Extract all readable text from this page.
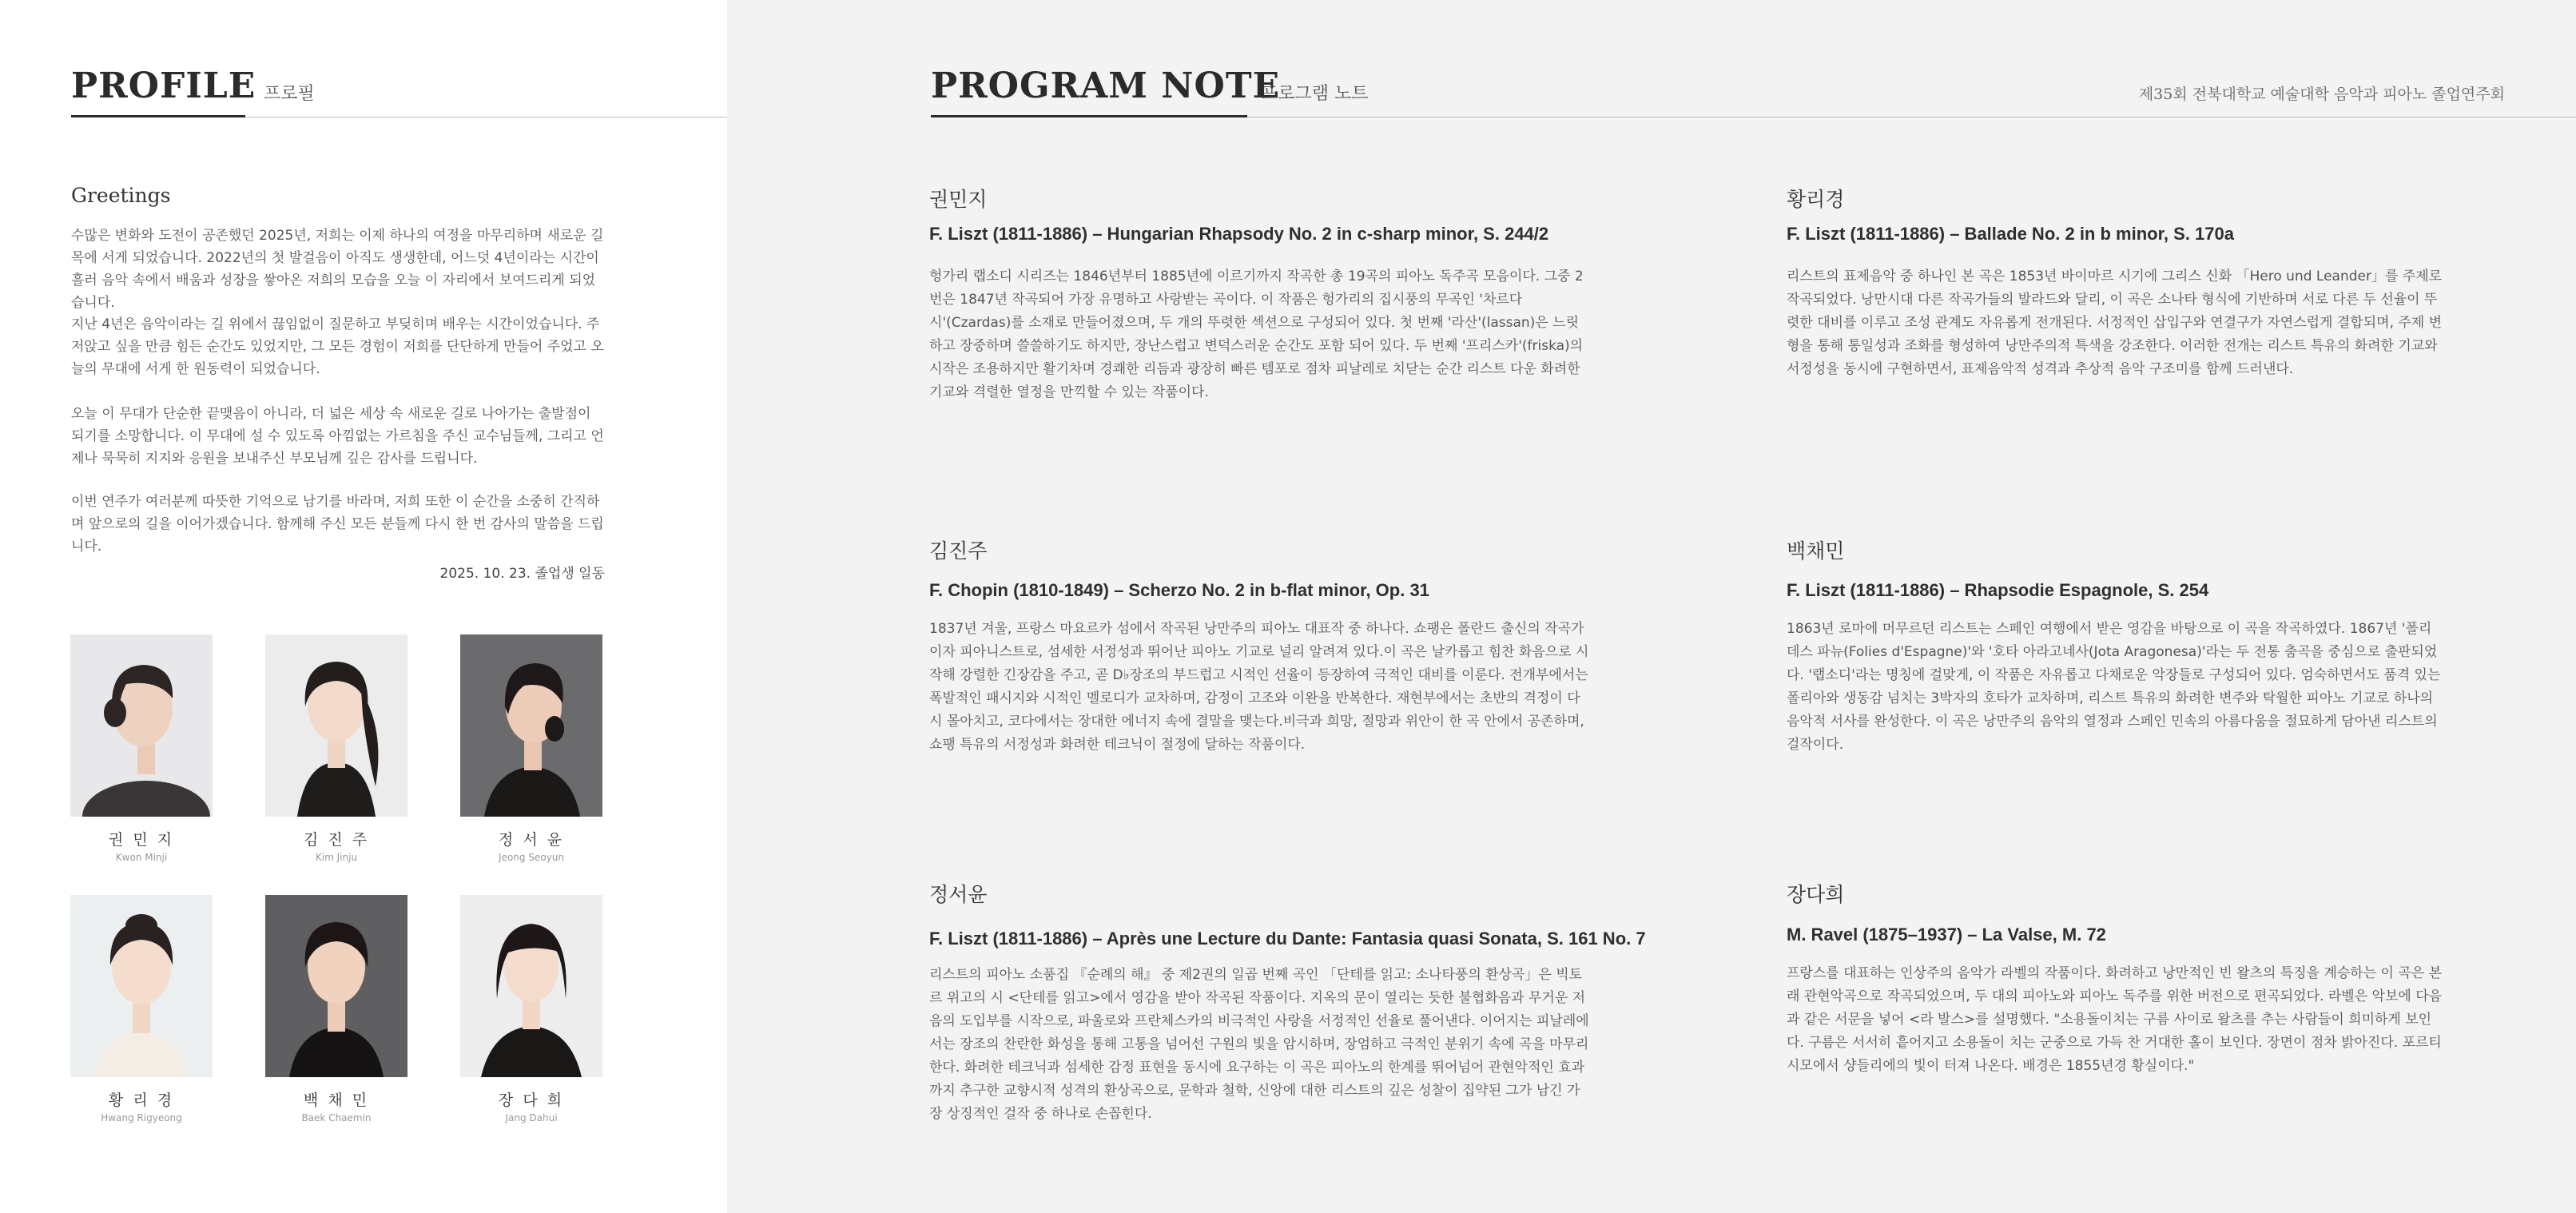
PROFILE 프로필
Greetings

수많은 변화와 도전이 공존했던 2025년, 저희는 이제 하나의 여정을 마무리하며 새로운 길목에 서게 되었습니다. 2022년의 첫 발걸음이 아직도 생생한데, 어느덧 4년이라는 시간이 흘러 음악 속에서 배움과 성장을 쌓아온 저희의 모습을 오늘 이 자리에서 보여드리게 되었습니다.

지난 4년은 음악이라는 길 위에서 끊임없이 질문하고 부딪히며 배우는 시간이었습니다. 주저앉고 싶을 만큼 힘든 순간도 있었지만, 그 모든 경험이 저희를 단단하게 만들어 주었고 오늘의 무대에 서게 한 원동력이 되었습니다.

오늘 이 무대가 단순한 끝맺음이 아니라, 더 넓은 세상 속 새로운 길로 나아가는 출발점이 되기를 소망합니다. 이 무대에 설 수 있도록 아낌없는 가르침을 주신 교수님들께, 그리고 언제나 묵묵히 지지와 응원을 보내주신 부모님께 깊은 감사를 드립니다.

이번 연주가 여러분께 따뜻한 기억으로 남기를 바라며, 저희 또한 이 순간을 소중히 간직하며 앞으로의 길을 이어가겠습니다. 함께해 주신 모든 분들께 다시 한 번 감사의 말씀을 드립니다.

2025. 10. 23. 졸업생 일동
권 민 지
Kwon Minji
김 진 주
Kim Jinju
정 서 윤
Jeong Seoyun
황 리 경
Hwang Rigyeong
백 채 민
Baek Chaemin
장 다 희
Jang Dahui
PROGRAM NOTE
프로그램 노트	제35회 전북대학교 예술대학 음악과 피아노 졸업연주회
권민지
F. Liszt (1811-1886) – Hungarian Rhapsody No. 2 in c-sharp minor, S. 244/2

헝가리 랩소디 시리즈는 1846년부터 1885년에 이르기까지 작곡한 총 19곡의 피아노 독주곡 모음이다. 그중 2번은 1847년 작곡되어 가장 유명하고 사랑받는 곡이다. 이 작품은 헝가리의 집시풍의 무곡인 '차르다시'(Czardas)를 소재로 만들어졌으며, 두 개의 뚜렷한 섹션으로 구성되어 있다. 첫 번째 '라산'(lassan)은 느릿하고 장중하며 쓸쓸하기도 하지만, 장난스럽고 변덕스러운 순간도 포함 되어 있다. 두 번째 '프리스카'(friska)의 시작은 조용하지만 활기차며 경쾌한 리듬과 광장히 빠른 템포로 점차 피날레로 치닫는 순간 리스트 다운 화려한 기교와 격렬한 열정을 만끽할 수 있는 작품이다.

황리경
F. Liszt (1811-1886) – Ballade No. 2 in b minor, S. 170a

리스트의 표제음악 중 하나인 본 곡은 1853년 바이마르 시기에 그리스 신화 「Hero und Leander」를 주제로 작곡되었다. 낭만시대 다른 작곡가들의 발라드와 달리, 이 곡은 소나타 형식에 기반하며 서로 다른 두 선율이 뚜렷한 대비를 이루고 조성 관계도 자유롭게 전개된다. 서정적인 삽입구와 연결구가 자연스럽게 결합되며, 주제 변형을 통해 통일성과 조화를 형성하여 낭만주의적 특색을 강조한다. 이러한 전개는 리스트 특유의 화려한 기교와 서정성을 동시에 구현하면서, 표제음악적 성격과 추상적 음악 구조미를 함께 드러낸다.

김진주
F. Chopin (1810-1849) – Scherzo No. 2 in b-flat minor, Op. 31

1837년 겨울, 프랑스 마요르카 섬에서 작곡된 낭만주의 피아노 대표작 중 하나다. 쇼팽은 폴란드 출신의 작곡가이자 피아니스트로, 섬세한 서정성과 뛰어난 피아노 기교로 널리 알려져 있다.이 곡은 날카롭고 힘찬 화음으로 시작해 강렬한 긴장감을 주고, 곧 D♭장조의 부드럽고 시적인 선율이 등장하여 극적인 대비를 이룬다. 전개부에서는 폭발적인 패시지와 시적인 멜로디가 교차하며, 감정이 고조와 이완을 반복한다. 재현부에서는 초반의 격정이 다시 몰아치고, 코다에서는 장대한 에너지 속에 결말을 맺는다.비극과 희망, 절망과 위안이 한 곡 안에서 공존하며, 쇼팽 특유의 서정성과 화려한 테크닉이 절정에 달하는 작품이다.

백채민
F. Liszt (1811-1886) – Rhapsodie Espagnole, S. 254

1863년 로마에 머무르던 리스트는 스페인 여행에서 받은 영감을 바탕으로 이 곡을 작곡하였다. 1867년 '폴리 데스 파뉴(Folies d'Espagne)'와 '호타 아라고네사(Jota Aragonesa)'라는 두 전통 춤곡을 중심으로 출판되었다. '랩소디'라는 명칭에 걸맞게, 이 작품은 자유롭고 다채로운 악장들로 구성되어 있다. 엄숙하면서도 품격 있는 폴리아와 생동감 넘치는 3박자의 호타가 교차하며, 리스트 특유의 화려한 변주와 탁월한 피아노 기교로 하나의 음악적 서사를 완성한다. 이 곡은 낭만주의 음악의 열정과 스페인 민속의 아름다움을 절묘하게 담아낸 리스트의 걸작이다.

정서윤
F. Liszt (1811-1886) – Après une Lecture du Dante: Fantasia quasi Sonata, S. 161 No. 7

리스트의 피아노 소품집 『순례의 해』 중 제2권의 일곱 번째 곡인 「단테를 읽고: 소나타풍의 환상곡」은 빅토르 위고의 시 <단테를 읽고>에서 영감을 받아 작곡된 작품이다. 지옥의 문이 열리는 듯한 불협화음과 무거운 저음의 도입부를 시작으로, 파울로와 프란체스카의 비극적인 사랑을 서정적인 선율로 풀어낸다. 이어지는 피날레에서는 장조의 찬란한 화성을 통해 고통을 넘어선 구원의 빛을 암시하며, 장엄하고 극적인 분위기 속에 곡을 마무리한다. 화려한 테크닉과 섬세한 감정 표현을 동시에 요구하는 이 곡은 피아노의 한계를 뛰어넘어 관현악적인 효과까지 추구한 교향시적 성격의 환상곡으로, 문학과 철학, 신앙에 대한 리스트의 깊은 성찰이 집약된 그가 남긴 가장 상징적인 걸작 중 하나로 손꼽힌다.

장다희
M. Ravel (1875–1937) – La Valse, M. 72

프랑스를 대표하는 인상주의 음악가 라벨의 작품이다. 화려하고 낭만적인 빈 왈츠의 특징을 계승하는 이 곡은 본래 관현악곡으로 작곡되었으며, 두 대의 피아노와 피아노 독주를 위한 버전으로 편곡되었다. 라벨은 악보에 다음과 같은 서문을 넣어 <라 발스>를 설명했다. "소용돌이치는 구름 사이로 왈츠를 추는 사람들이 희미하게 보인다. 구름은 서서히 흩어지고 소용돌이 치는 군중으로 가득 찬 거대한 홀이 보인다. 장면이 점차 밝아진다. 포르티시모에서 샹들리에의 빛이 터져 나온다. 배경은 1855년경 황실이다."
